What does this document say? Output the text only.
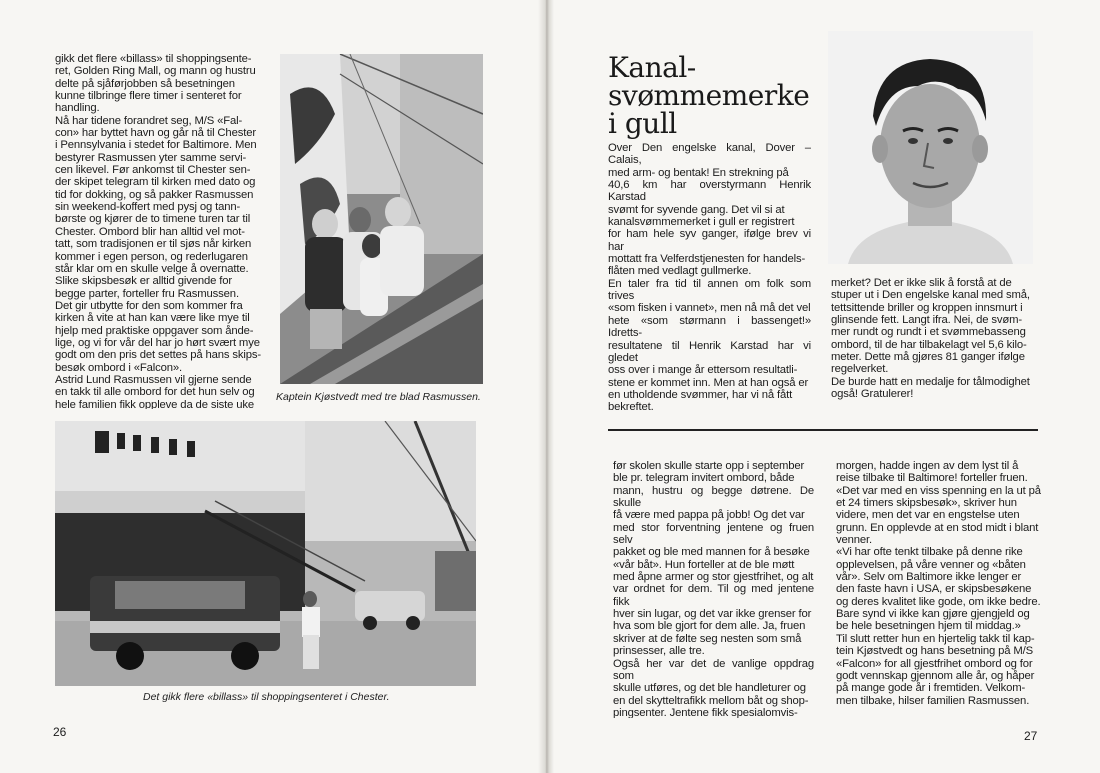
gikk det flere «billass» til shoppingsente-
ret, Golden Ring Mall, og mann og hustru
delte på sjåførjobben så besetningen
kunne tilbringe flere timer i senteret for
handling.
Nå har tidene forandret seg, M/S «Fal-
con» har byttet havn og går nå til Chester
i Pennsylvania i stedet for Baltimore. Men
bestyrer Rasmussen yter samme servi-
cen likevel. Før ankomst til Chester sen-
der skipet telegram til kirken med dato og
tid for dokking, og så pakker Rasmussen
sin weekend-koffert med pysj og tann-
børste og kjører de to timene turen tar til
Chester. Ombord blir han alltid vel mot-
tatt, som tradisjonen er til sjøs når kirken
kommer i egen person, og rederlugaren
står klar om en skulle velge å overnatte.
Slike skipsbesøk er alltid givende for
begge parter, forteller fru Rasmussen.
Det gir utbytte for den som kommer fra
kirken å vite at han kan være like mye til
hjelp med praktiske oppgaver som ånde-
lige, og vi for vår del har jo hørt svært mye
godt om den pris det settes på hans skips-
besøk ombord i «Falcon».
Astrid Lund Rasmussen vil gjerne sende
en takk til alle ombord for det hun selv og
hele familien fikk oppleve da de siste uke
Kaptein Kjøstvedt med tre blad Rasmussen.
Det gikk flere «billass» til shoppingsenteret i Chester.
26
Kanal-
svømmemerke
i gull
Over Den engelske kanal, Dover – Calais,
med arm- og bentak! En strekning på
40,6 km har overstyrmann Henrik Karstad
svømt for syvende gang. Det vil si at
kanalsvømmemerket i gull er registrert
for ham hele syv ganger, ifølge brev vi har
mottatt fra Velferdstjenesten for handels-
flåten med vedlagt gullmerke.
En taler fra tid til annen om folk som trives
«som fisken i vannet», men nå må det vel
hete «som størmann i bassenget!» Idretts-
resultatene til Henrik Karstad har vi gledet
oss over i mange år ettersom resultatli-
stene er kommet inn. Men at han også er
en utholdende svømmer, har vi nå fått
bekreftet.

merket? Det er ikke slik å forstå at de
stuper ut i Den engelske kanal med små,
tettsittende briller og kroppen innsmurt i
glinsende fett. Langt ifra. Nei, de svøm-
mer rundt og rundt i et svømmebasseng
ombord, til de har tilbakelagt vel 5,6 kilo-
meter. Dette må gjøres 81 ganger ifølge
regelverket.
De burde hatt en medalje for tålmodighet
også! Gratulerer!
før skolen skulle starte opp i september
ble pr. telegram invitert ombord, både
mann, hustru og begge døtrene. De skulle
få være med pappa på jobb! Og det var
med stor forventning jentene og fruen selv
pakket og ble med mannen for å besøke
«vår båt». Hun forteller at de ble møtt
med åpne armer og stor gjestfrihet, og alt
var ordnet for dem. Til og med jentene fikk
hver sin lugar, og det var ikke grenser for
hva som ble gjort for dem alle. Ja, fruen
skriver at de følte seg nesten som små
prinsesser, alle tre.
Også her var det de vanlige oppdrag som
skulle utføres, og det ble handleturer og
en del skytteltrafikk mellom båt og shop-
pingsenter. Jentene fikk spesialomvis-

morgen, hadde ingen av dem lyst til å
reise tilbake til Baltimore! forteller fruen.
«Det var med en viss spenning en la ut på
et 24 timers skipsbesøk», skriver hun
videre, men det var en engstelse uten
grunn. En opplevde at en stod midt i blant
venner.
«Vi har ofte tenkt tilbake på denne rike
opplevelsen, på våre venner og «båten
vår». Selv om Baltimore ikke lenger er
den faste havn i USA, er skipsbesøkene
og deres kvalitet like gode, om ikke bedre.
Bare synd vi ikke kan gjøre gjengjeld og
be hele besetningen hjem til middag.»
Til slutt retter hun en hjertelig takk til kap-
tein Kjøstvedt og hans besetning på M/S
«Falcon» for all gjestfrihet ombord og for
godt vennskap gjennom alle år, og håper
på mange gode år i fremtiden. Velkom-
men tilbake, hilser familien Rasmussen.
27
